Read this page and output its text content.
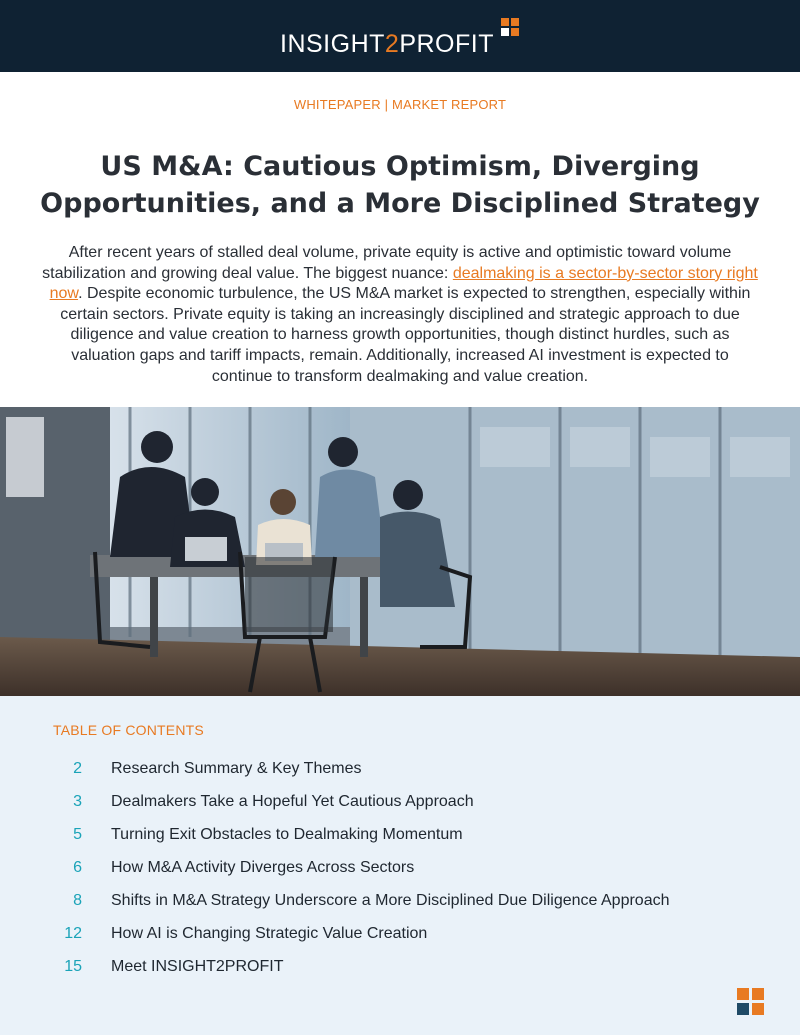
INSIGHT2PROFIT
WHITEPAPER | MARKET REPORT
US M&A: Cautious Optimism, Diverging Opportunities, and a More Disciplined Strategy

After recent years of stalled deal volume, private equity is active and optimistic toward volume stabilization and growing deal value. The biggest nuance: dealmaking is a sector-by-sector story right now. Despite economic turbulence, the US M&A market is expected to strengthen, especially within certain sectors. Private equity is taking an increasingly disciplined and strategic approach to due diligence and value creation to harness growth opportunities, though distinct hurdles, such as valuation gaps and tariff impacts, remain. Additionally, increased AI investment is expected to continue to transform dealmaking and value creation.

TABLE OF CONTENTS
2 Research Summary & Key Themes
3 Dealmakers Take a Hopeful Yet Cautious Approach
5 Turning Exit Obstacles to Dealmaking Momentum
6 How M&A Activity Diverges Across Sectors
8 Shifts in M&A Strategy Underscore a More Disciplined Due Diligence Approach
12 How AI is Changing Strategic Value Creation
15 Meet INSIGHT2PROFIT
